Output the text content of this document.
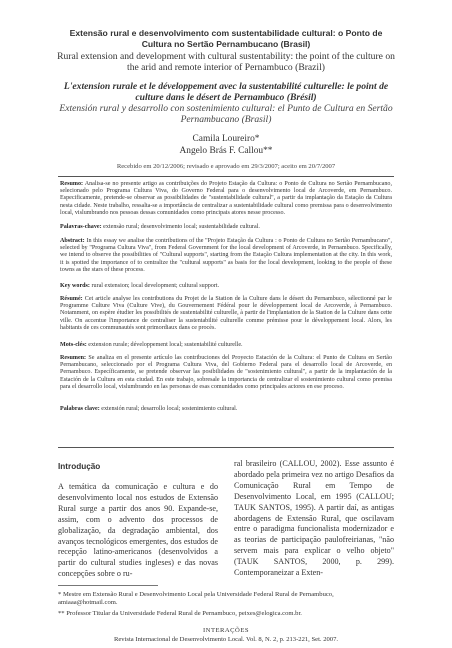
Extensão rural e desenvolvimento com sustentabilidade cultural: o Ponto de Cultura no Sertão Pernambucano (Brasil)
Rural extension and development with cultural sustentability: the point of the culture on the arid and remote interior of Pernambuco (Brazil)
L'extension rurale et le développement avec la sustentabilité culturelle: le point de culture dans le désert de Pernambuco (Brésil)
Extensión rural y desarrollo con sostenimiento cultural: el Punto de Cultura en Sertão Pernambucano (Brasil)
Camila Loureiro*
Angelo Brás F. Callou**
Recebido em 20/12/2006; revisado e aprovado em 29/3/2007; aceito em 20/7/2007
Resumo: Analisa-se no presente artigo as contribuições do Projeto Estação da Cultura: o Ponto de Cultura no Sertão Pernambucano, selecionado pelo Programa Cultura Viva, do Governo Federal para o desenvolvimento local de Arcoverde, em Pernambuco. Especificamente, pretende-se observar as possibilidades de "sustentabilidade cultural", a partir da implantação da Estação da Cultura nesta cidade. Neste trabalho, ressalta-se a importância de centralizar a sustentabilidade cultural como premissa para o desenvolvimento local, vislumbrando nos pessoas dessas comunidades como principais atores nesse processo.
Palavras-chave: extensão rural; desenvolvimento local; sustentabilidade cultural.
Abstract: In this essay we analise the contributions of the "Projeto Estação da Cultura : o Ponto de Cultura no Sertão Pernambucano", selected by "Programa Cultura Viva", from Federal Government for the local development of Arcoverde, in Pernambuco. Specifically, we intend to observe the possibilities of "Cultural supports", starting from the Estação Cultura implementation at the city. In this work, it is spotted the importance of to centralize the "cultural supports" as basis for the local development, looking to the people of these towns as the stars of these process.
Key words: rural extension; local development; cultural support.
Résumé: Cet article analyse les contributions du Projet de la Station de la Culture dans le désert du Pernambuco, sélectionné par le Programme Culture Viva (Culture Vive), du Gouvernement Fédéral pour le développement local de Arcoverde, à Pernambuco. Notamment, on espère étudier les possibilités de sustentabilité culturelle, à partir de l'implantation de la Station de la Culture dans cette ville. On accentue l'importance de centraliser la sustentabilité culturelle comme prémisse pour le développement local. Alors, les habitants de ces communautés sont primordiaux dans ce procès.
Mots-clés: extension rurale; développement local; sustentabilité culturelle.
Resumen: Se analiza en el presente artículo las contribuciones del Proyecto Estación de la Cultura: el Punto de Cultura en Sertão Pernambucano, seleccionado por el Programa Cultura Viva, del Gobierno Federal para el desarrollo local de Arcoverde, en Pernambuco. Específicamente, se pretende observar las posibilidades de "sostenimiento cultural", a partir de la implantación de la Estación de la Cultura en esta ciudad. En este trabajo, sobresale la importancia de centralizar el sostenimiento cultural como premisa para el desarrollo local, vislumbrando en las personas de esas comunidades como principales actores en ese proceso.
Palabras clave: extensión rural; desarrollo local; sostenimiento cultural.
Introdução
A temática da comunicação e cultura e do desenvolvimento local nos estudos de Extensão Rural surge a partir dos anos 90. Expande-se, assim, com o advento dos processos de globalização, da degradação ambiental, dos avanços tecnológicos emergentes, dos estudos de recepção latino-americanos (desenvolvidos a partir do cultural studies ingleses) e das novas concepções sobre o ru-
ral brasileiro (CALLOU, 2002). Esse assunto é abordado pela primeira vez no artigo Desafios da Comunicação Rural em Tempo de Desenvolvimento Local, em 1995 (CALLOU; TAUK SANTOS, 1995). A partir daí, as antigas abordagens de Extensão Rural, que oscilavam entre o paradigma funcionalista modernizador e as teorias de participação paulofreirianas, "não servem mais para explicar o velho objeto" (TAUK SANTOS, 2000, p. 299). Contemporaneizar a Exten-
* Mestre em Extensão Rural e Desenvolvimento Local pela Universidade Federal Rural de Pernambuco, amiaaa@hotmail.com.
** Professor Titular da Universidade Federal Rural de Pernambuco, peixes@elogica.com.br.
INTERAÇÕES
Revista Internacional de Desenvolvimento Local. Vol. 8, N. 2, p. 213-221, Set. 2007.
